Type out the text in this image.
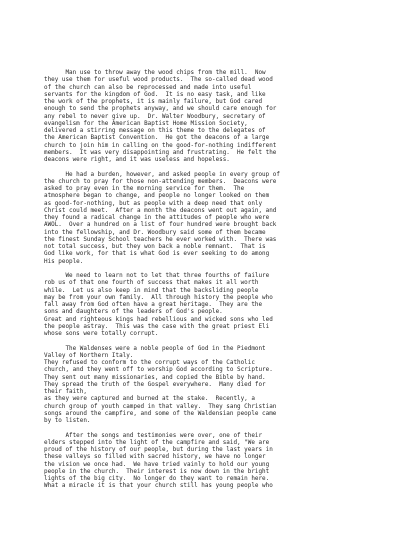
Man use to throw away the wood chips from the mill.  Now
they use them for useful wood products.  The so-called dead wood
of the church can also be reprocessed and made into useful
servants for the kingdom of God.  It is no easy task, and like
the work of the prophets, it is mainly failure, but God cared
enough to send the prophets anyway, and we should care enough for
any rebel to never give up.  Dr. Walter Woodbury, secretary of
evangelism for the American Baptist Home Mission Society,
delivered a stirring message on this theme to the delegates of
the American Baptist Convention.  He got the deacons of a large
church to join him in calling on the good-for-nothing indifferent
members.  It was very disappointing and frustrating.  He felt the
deacons were right, and it was useless and hopeless.
He had a burden, however, and asked people in every group of
the church to pray for those non-attending members.  Deacons were
asked to pray even in the morning service for them.  The
atmosphere began to change, and people no longer looked on them
as good-for-nothing, but as people with a deep need that only
Christ could meet.  After a month the deacons went out again, and
they found a radical change in the attitudes of people who were
AWOL.  Over a hundred on a list of four hundred were brought back
into the fellowship, and Dr. Woodbury said some of them became
the finest Sunday School teachers he ever worked with.  There was
not total success, but they won back a noble remnant.  That is
God like work, for that is what God is ever seeking to do among
His people.
We need to learn not to let that three fourths of failure
rob us of that one fourth of success that makes it all worth
while.  Let us also keep in mind that the backsliding people
may be from your own family.  All through history the people who
fall away from God often have a great heritage.  They are the
sons and daughters of the leaders of God's people.
Great and righteous kings had rebellious and wicked sons who led
the people astray.  This was the case with the great priest Eli
whose sons were totally corrupt.
The Waldenses were a noble people of God in the Piedmont
Valley of Northern Italy.
They refused to conform to the corrupt ways of the Catholic
church, and they went off to worship God according to Scripture.
They sent out many missionaries, and copied the Bible by hand.
They spread the truth of the Gospel everywhere.  Many died for
their faith,
as they were captured and burned at the stake.  Recently, a
church group of youth camped in that valley.  They sang Christian
songs around the campfire, and some of the Waldensian people came
by to listen.
After the songs and testimonies were over, one of their
elders stepped into the light of the campfire and said, "We are
proud of the history of our people, but during the last years in
these valleys so filled with sacred history, we have no longer
the vision we once had.  We have tried vainly to hold our young
people in the church.  Their interest is now down in the bright
lights of the big city.  No longer do they want to remain here.
What a miracle it is that your church still has young people who
